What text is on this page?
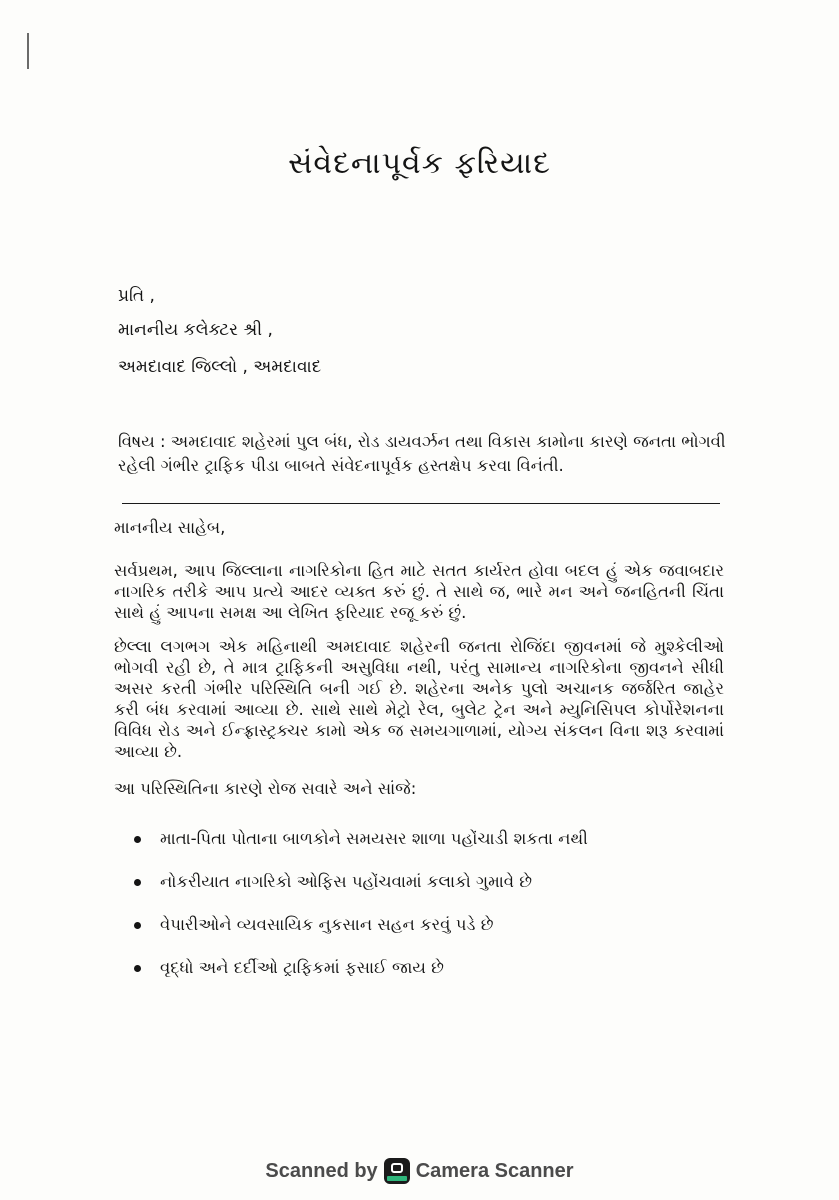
સંવેદનાપૂર્વક ફરિયાદ

પ્રતિ ,

માનનીય કલેક્ટર શ્રી ,

અમદાવાદ જિલ્લો , અમદાવાદ

વિષય : અમદાવાદ શહેરમાં પુલ બંધ, રોડ ડાયવર્ઝન તથા વિકાસ કામોના કારણે જનતા ભોગવી રહેલી ગંભીર ટ્રાફિક પીડા બાબતે સંવેદનાપૂર્વક હસ્તક્ષેપ કરવા વિનંતી.

માનનીય સાહેબ,

સર્વપ્રથમ, આપ જિલ્લાના નાગરિકોના હિત માટે સતત કાર્યરત હોવા બદલ હું એક જવાબદાર નાગરિક તરીકે આપ પ્રત્યે આદર વ્યક્ત કરું છું. તે સાથે જ, ભારે મન અને જનહિતની ચિંતા સાથે હું આપના સમક્ષ આ લેખિત ફરિયાદ રજૂ કરું છું.

છેલ્લા લગભગ એક મહિનાથી અમદાવાદ શહેરની જનતા રોજિંદા જીવનમાં જે મુશ્કેલીઓ ભોગવી રહી છે, તે માત્ર ટ્રાફિકની અસુવિધા નથી, પરંતુ સામાન્ય નાગરિકોના જીવનને સીધી અસર કરતી ગંભીર પરિસ્થિતિ બની ગઈ છે. શહેરના અનેક પુલો અચાનક જર્જરિત જાહેર કરી બંધ કરવામાં આવ્યા છે. સાથે સાથે મેટ્રો રેલ, બુલેટ ટ્રેન અને મ્યુનિસિપલ કોર્પોરેશનના વિવિધ રોડ અને ઈન્ફ્રાસ્ટ્રક્ચર કામો એક જ સમયગાળામાં, યોગ્ય સંકલન વિના શરૂ કરવામાં આવ્યા છે.

આ પરિસ્થિતિના કારણે રોજ સવારે અને સાંજે:

માતા-પિતા પોતાના બાળકોને સમયસર શાળા પહોંચાડી શકતા નથી
નોકરીયાત નાગરિકો ઓફિસ પહોંચવામાં કલાકો ગુમાવે છે
વેપારીઓને વ્યવસાયિક નુકસાન સહન કરવું પડે છે
વૃદ્ધો અને દર્દીઓ ટ્રાફિકમાં ફસાઈ જાય છે
Scanned by Camera Scanner
